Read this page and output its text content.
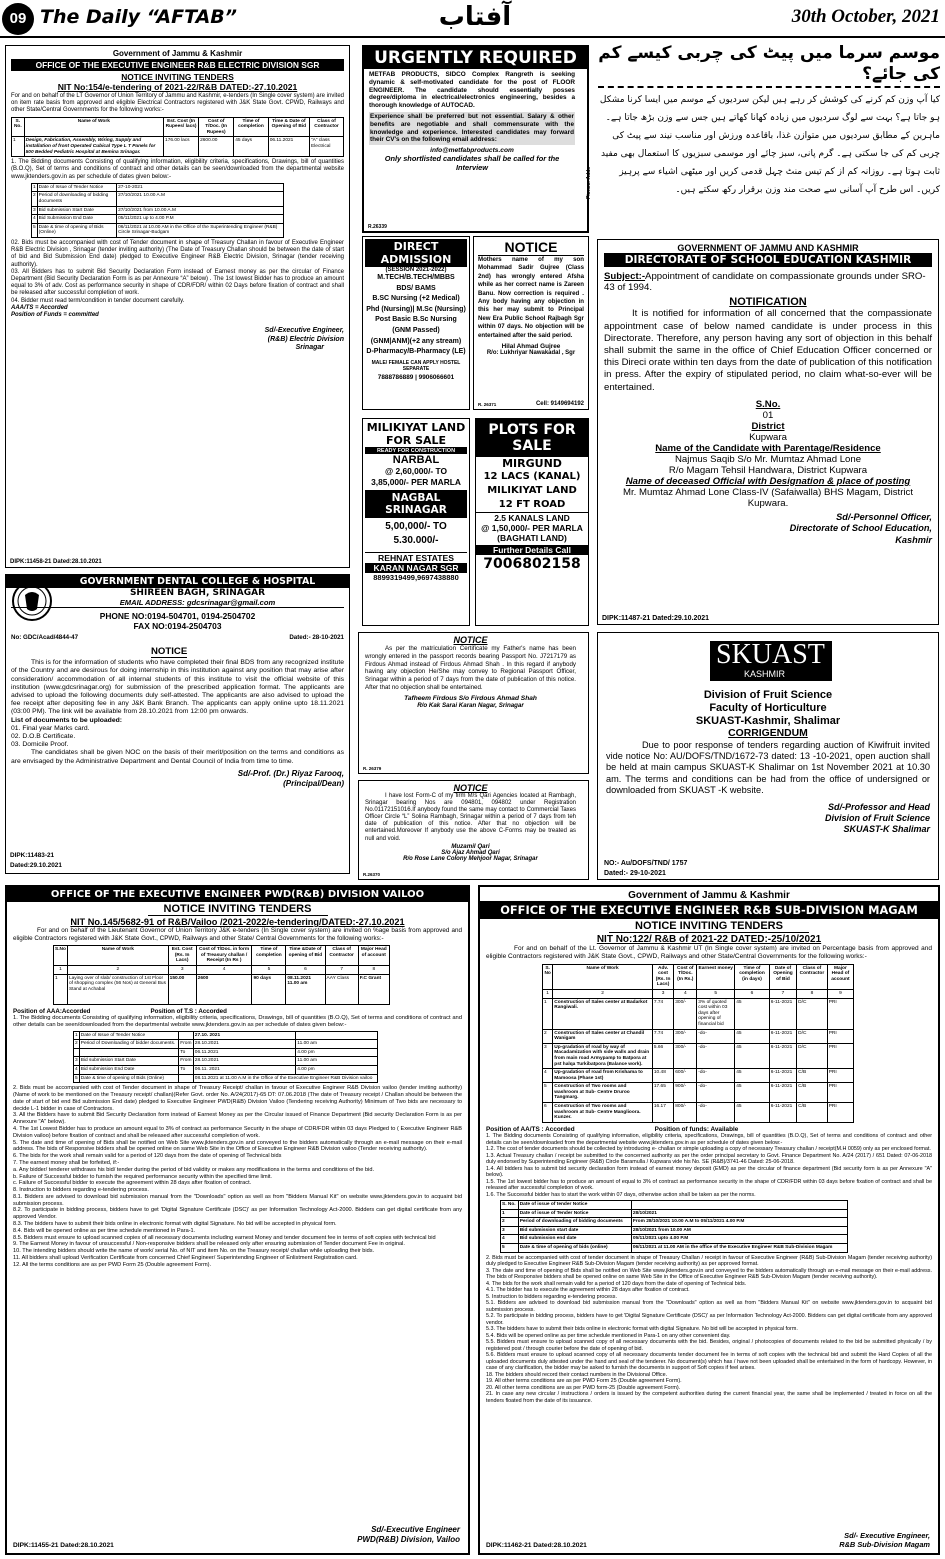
09 The Daily “AFTAB”	آفتاب	30th October, 2021
Government of Jammu & Kashmir
OFFICE OF THE EXECUTIVE ENGINEER R&B ELECTRIC DIVISION SGR
NOTICE INVITING TENDERS
NIT No:154/e-tendering of 2021-22/R&B DATED:-27.10.2021
For and on behalf of the LT Governor of Union Territory of Jammu and Kashmir, e-tenders (In Single cover system) are invited on item rate basis from approved and eligible Electrical Contractors registered with J&K State Govt. CPWD, Railways and other State/Central Governments for the following works:-
S. No.	Name of Work	Est. Cost (In Rupees/ lacs)	Cost of T/Doc. (In Rupees)	Time of completion	Time & Date of Opening of Bid	Class of Contractor
1	Design, Fabrication, Assembly, Wiring, Supply and installation of front Operated Cubical Type L T Panels for 500 Bedded Pediatric Hospital at Bemina Srinagar.	176.00 lacs	2600.00	45 days	06.11.2021	“A” class Electrical
1. The Bidding documents Consisting of qualifying information, eligibility criteria, specifications, Drawings, bill of quantities (B.O.Q), Set of terms and conditions of contract and other details can be seen/downloaded from the departmental website www.jktenders.gov.in as per schedule of dates given below:-
1	Date of Issue of Tender Notice	27-10-2021
2	Period of downloading of bidding documents	27/10/2021 10.00 A.M
3	Bid submission Start Date	27/10/2021 from 10.00 A.M
4	Bid Submission End Date	05/11/2021 up to 4.00 P.M
5	Date & time of opening of Bids (Online)	06/11/2021 at 10.00 AM in the Office of the Superintending Engineer (R&B) Circle Srinagar-Budgam
02. Bids must be accompanied with cost of Tender document in shape of Treasury Challan in favour of Executive Engineer R&B Electric Division , Srinagar (tender inviting authority) (The Date of Treasury Challan should be between the date of start of bid and Bid Submission End date) pledged to Executive Engineer R&B Electric Division, Srinagar (tender receiving authority).
03. All Bidders has to submit Bid Security Declaration Form instead of Earnest money as per the circular of Finance Department (Bid Security Declaration Form is as per Annexure “A” below) . The 1st lowest Bidder has to produce an amount equal to 3% of adv. Cost as performance security in shape of CDR/FDR/ within 02 Days before fixation of contract and shall be released after successful completion of work.
04. Bidder must read term/condition in tender document carefully.
AAA/TS = Accorded
Position of Funds = committed
Sd/-Executive Engineer,
(R&B) Electric Division
Srinagar
DIPK:11458-21 Dated:28.10.2021
URGENTLY REQUIRED
METFAB PRODUCTS, SIDCO Complex Rangreth is seeking dynamic & self-motivated candidate for the post of FLOOR ENGINEER. The candidate should essentially posses degree/diploma in electrical/electronics engineering, besides a thorough knowledge of AUTOCAD.
Experience shall be preferred but not essential. Salary & other benefits are negotiable and shall commensurate with the knowledge and experience. Interested candidates may forward their CV's on the following email address:
info@metfabproducts.com
Only shortlisted candidates shall be called for the Interview
R.26339
Pioneer Adds
موسم سرما میں پیٹ کی چربی کیسے کم کی جائے؟
کیا آپ وزن کم کرنے کی کوشش کر رہے ہیں لیکن سردیوں کے موسم میں ایسا کرنا مشکل ہو جاتا ہے؟ بہت سے لوگ سردیوں میں زیادہ کھانا کھاتے ہیں جس سے وزن بڑھ جاتا ہے۔ ماہرین کے مطابق سردیوں میں متوازن غذا، باقاعدہ ورزش اور مناسب نیند سے پیٹ کی چربی کم کی جا سکتی ہے۔ گرم پانی، سبز چائے اور موسمی سبزیوں کا استعمال بھی مفید ثابت ہوتا ہے۔ روزانہ کم از کم تیس منٹ چہل قدمی کریں اور میٹھی اشیاء سے پرہیز کریں۔ اس طرح آپ آسانی سے صحت مند وزن برقرار رکھ سکتے ہیں۔
DIRECT ADMISSION
(SESSION 2021-2022)
M.TECH/B.TECH/MBBS
BDS/ BAMS
B.SC Nursing (+2 Medical)
Phd (Nursing)| M.Sc (Nursing)
Post Basic B.Sc Nursing
(GNM Passed)
(GNM|ANM)(+2 any stream)
D-Pharmacy/B-Pharmacy (LE)
MALE/ FEMALE CAN APPLY HOSTEL SEPARATE
7888786889 | 9906066601
NOTICE
Mothers name of my son Mohammad Sadir Gujree (Class 2nd) has wrongly entered Afsha while as her correct name is Zareen Banu. Now correction is required . Any body having any objection in this her may submit to Principal New Era Public School Rajbagh Sgr within 07 days. No objection will be entertained after the said period.
Hilal Ahmad Gujree
R/o: Lukhriyar Nawakadal , Sgr
R. 26371	Cell: 9149694192
MILIKIYAT LAND FOR SALE
READY FOR CONSTRUCTION
NARBAL
@ 2,60,000/- TO 3,85,000/- PER MARLA
NAGBAL SRINAGAR
5,00,000/- TO 5.30.000/-
REHNAT ESTATES
KARAN NAGAR SGR
8899319499,9697438880
PLOTS FOR SALE
MIRGUND
12 LACS (KANAL)
MILIKIYAT LAND
12 FT ROAD
2.5 KANALS LAND
@ 1,50,000/- PER MARLA
(BAGHATI LAND)
Further Details Call
7006802158
GOVERNMENT OF JAMMU AND KASHMIR
DIRECTORATE OF SCHOOL EDUCATION KASHMIR
Subject:-Appointment of candidate on compassionate grounds under SRO-43 of 1994.
NOTIFICATION
It is notified for information of all concerned that the compassionate appointment case of below named candidate is under process in this Directorate. Therefore, any person having any sort of objection in this behalf shall submit the same in the office of Chief Education Officer concerned or this Direci orate within ten days from the date of publication of this notification in press. After the expiry of stipulated period, no claim what-so-ever will be entertained.
S.No.
01
District
Kupwara
Name of the Candidate with Parentage/Residence
Najmus Saqib S/o Mr. Mumtaz Ahmad Lone
R/o Magam Tehsil Handwara, District Kupwara
Name of deceased Official with Designation & place of posting
Mr. Mumtaz Ahmad Lone Class-IV (Safaiwalla) BHS Magam, District Kupwara.
Sd/-Personnel Officer,
Directorate of School Education,
Kashmir
DIPK:11487-21 Dated:29.10.2021
GOVERNMENT DENTAL COLLEGE & HOSPITAL
SHIREEN BAGH, SRINAGAR
EMAIL ADDRESS: gdcsrinagar@gmail.com
PHONE NO:0194-504701, 0194-2504702
FAX NO:0194-2504703
No: GDC/Acad/4844-47	Dated:- 28-10-2021
NOTICE
This is for the information of students who have completed their final BDS from any recognized institute of the Country and are desirous for doing internship in this institution against any position that may arise after consideration/ accommodation of all internal students of this institute to visit the official website of this institution (www.gdcsrinagar.org) for submission of the prescribed application format. The applicants are advised to upload the following documents duly self-attested. The applicants are also advised to upload the fee receipt after depositing fee in any J&K Bank Branch. The applicants can apply online upto 18.11.2021 (03:00 PM). The link will be available from 28.10.2021 from 12:00 pm onwards.
List of documents to be uploaded:
01. Final year Marks card.
02. D.O.B Certificate.
03. Domicile Proof.
The candidates shall be given NOC on the basis of their merit/position on the terms and conditions as are envisaged by the Administrative Department and Dental Council of India from time to time.
Sd/-Prof. (Dr.) Riyaz Farooq,
(Principal/Dean)
DIPK:11483-21
Dated:29.10.2021
NOTICE
As per the matriculation Certificate my Father's name has been wrongly entered in the passport records bearing Passport No. J7217179 as Firdous Ahmad instead of Firdous Ahmad Shah . In this regard if anybody having any objection He/She may convey to Regional Passport Officer, Srinagar within a period of 7 days from the date of publication of this notice. After that no objection shall be entertained.
Tafheem Firdous S/o Firdous Ahmad Shah
R/o Kak Sarai Karan Nagar, Srinagar
R. 26379
NOTICE
I have lost Form-C of my firm M/s Qari Agencies located at Rambagh, Srinagar bearing Nos are 094801, 094802 under Registration No.01172151016.If anybody found the same may contact to Commercial Taxes Officer Circle “L” Solina Rambagh, Srinagar within a period of 7 days from teh date of publication of this notice. After that no objection will be entertained.Moreover If anybody use the above C-Forms may be treated as null and void.
Muzamil Qari
S/o Ajaz Ahmad Qari
R/o Rose Lane Colony Mehjoor Nagar, Srinagar
R.26370
SKUAST
KASHMIR
Division of Fruit Science
Faculty of Horticulture
SKUAST-Kashmir, Shalimar
CORRIGENDUM
Due to poor response of tenders regarding auction of Kiwifruit invited vide notice No: AU/DOFS/TND/1672-73 dated: 13 -10-2021, open auction shall be held at main campus SKUAST-K Shalimar on 1st November 2021 at 10.30 am. The terms and conditions can be had from the office of undersigned or downloaded from SKUAST -K website.
Sd/-Professor and Head
Division of Fruit Science
SKUAST-K Shalimar
NO:- Au/DOFS/TND/ 1757
Dated:- 29-10-2021
OFFICE OF THE EXECUTIVE ENGINEER PWD(R&B) DIVISION VAILOO
NOTICE INVITING TENDERS
NIT No.145/5682-91 of R&B/Vailoo /2021-2022/e-tendering/DATED:-27.10.2021
For and on behalf of the Lieutenant Governor of Union Territory J&K e-tenders (In Single cover system) are invited on %age basis from approved and eligible Contractors registered with J&K State Govt., CPWD, Railways and other State/ Central Governments for the following works:-
S.No	Name of Work	Est. Cost (Rs. In Lacs)	Cost of T/Doc. in form of Treasury challan / Receipt (In Rs )	Time of completion	Time &Date of opening of Bid	Class of Contractor	Major Head of account
1	2	3	4	5	6	7	8
1	Laying over of slab/ construction of 1st Floor of shopping complex (56 Nos) at General Bus Stand at Achabal	150.00	2600	90 days	08.11.2021 11.00 am	AAY Class	F.C Grant
Position of AAA:Accorded	Position of T.S : Accorded
1. The Bidding documents Consisting of qualifying information, eligibility criteria, specifications, Drawings, bill of quantities (B.O.Q), Set of terms and conditions of contract and other details can be seen/downloaded from the departmental website www.jktenders.gov.in as per schedule of dates given below:-
1	Date of Issue of Tender Notice		27.10. 2021	
2	Period of Downloading of bidder documents.	From	28.10.2021	11.00 am
		To	06.11.2021	4.00 pm
3	Bid submission Start Date	From	28.10.2021	11.00 am
4	Bid submission End Date	To	06.11. 2021	4.00 pm
5	Date & time of opening of Bids (Online)		08.11.2021 at 11.00 A.M in the Office of the Executive Engineer R&B Division vailoo	
2. Bids must be accompanied with cost of Tender document in shape of Treasury Receipt/ challan in favour of Executive Engineer R&B Division vailoo (tender inviting authority) (Name of work to be mentioned on the Treasury receipt/ challan)(Refer Govt. order No. A/24(2017)-65 DT: 07.06.2018 (The date of Treasury receipt / Challan should be between the date of start of bid end Bid submission End date) pledged to Executive Engineer PWD(R&B) Division Vailoo (Tendering receiving Authority) Minimum of Two bids are necessary to decide L-1 bidder in case of Contractors.
3. All the Bidders have to submit Bid Security Declaration form instead of Earnest Money as per the Circular issued of Finance Department (Bid security Declaration Form is as per Annexure "A" below).
4. The 1st Lowest Bidder has to produce an amount equal to 3% of contract as performance Security in the shape of CDR/FDR within 03 days Pledged to ( Executive Engineer R&B Division vailoo) before fixation of contract and shall be released after successful completion of work.
5. The date and time of opening of Bids shall be notified on Web Site www.jktenders.gov.in and conveyed to the bidders automatically through an e-mail message on their e-mail address. The bids of Responsive bidders shall be opened online on same Web Site in the Office of Executive Engineer R&B Division vailoo (Tender receiving authority).
6. The bids for the work shall remain valid for a period of 120 days from the date of opening of Technical bids
7. The earnest money shall be forfeited, if:-
a. Any bidder/ tenderer withdraws his bid/ tender during the period of bid validity or makes any modifications in the terms and conditions of the bid.
b. Failure of Successful bidder to furnish the required performance security within the specified time limit.
c. Failure of Successful bidder to execute the agreement within 28 days after fixation of contract.
8. Instruction to bidders regarding e-tendering process.
8.1. Bidders are advised to download bid submission manual from the "Downloads" option as well as from "Bidders Manual Kit" on website www.jktenders.gov.in to acquaint bid submission process.
8.2. To participate in bidding process, bidders have to get 'Digital Signature Certificate (DSC)' as per Information Technology Act-2000. Bidders can get digital certificate from any approved Vendor.
8.3. The bidders have to submit their bids online in electronic format with digital Signature. No bid will be accepted in physical form.
8.4. Bids will be opened online as per time schedule mentioned in Para-1.
8.5. Bidders must ensure to upload scanned copies of all necessary documents including earnest Money and tender document fee in terms of soft copies with technical bid
9. The Earnest Money in favour of unsuccessful / Non-responsive bidders shall be released only after ensuring submission of Tender document Fee in original.
10. The intending bidders should write the name of work/ serial No. of NIT and item No. on the Treasury receipt/ challan while uploading their bids.
11. All bidders shall upload Verification Certificate from concerned Chief Engineer/ Superintending Engineer of Enlistment Registration card.
12. All the terms conditions are as per PWD Form 25 (Double agreement Form).
Sd/-Executive Engineer
PWD(R&B) Division, Vailoo
DIPK:11455-21 Dated:28.10.2021
Government of Jammu & Kashmir
OFFICE OF THE EXECUTIVE ENGINEER R&B SUB-DIVISION MAGAM
NOTICE INVITING TENDERS
NIT No:122/ R&B of 2021-22 DATED:-25/10/2021
For and on behalf of the Lt. Governor of Jammu & Kashmir UT (In Single cover system) are invited on Percentage basis from approved and eligible Contractors registered with J&K State Govt., CPWD, Railways and other State/Central Governments for the following works:-
S. No	Name of Work	Adv. cost (Rs. In Lacs)	Cost of T/Doc. (In Rs.)	Earnest money	Time of completion (in days)	Date of Opening of Bid	Class of Contractor	Major Head of account
1	2	3	4	5	6	7	8	9
1	Construction of Sales center at Badarkot Rangiwali.	7.74	300/-	3% of quoted cost within 03 days after opening of financial bid	45	6-11-2021	D/C	PRI
2	Construction of Sales center at Chandil Wanigam	7.74	300/-	-do-	45	6-11-2021	D/C	PRI
3	Up-gradation of road by way of Macadamization with side walls and drain from main road Armypamp to Batpora at pst halqa Turkibatpora (Balance work).	5.66	300/-	-do-	45	6-11-2021	D/C	PRI
4	Up-gradation of road from Krishama to Mamoosa (Phase 1st)	10.48	600/-	-do-	45	6-11-2021	C/B	PRI
5	Construction of Two rooms and washroom at Sub- Centre Druroo Tangmarg.	17.65	900/-	-do-	45	6-11-2021	C/B	PRI
6	Construction of Two rooms and washroom at Sub- Centre Manglioora. Kunzer.	16.17	800/-	-do-	45	6-11-2021	C/B	PRI
Position of AA/TS : Accorded	Position of funds: Available
1. The Bidding documents Consisting of qualifying information, eligibility criteria, specifications, Drawings, bill of quantities (B.O.Q), Set of terms and conditions of contract and other details can be seen/downloaded from the departmental website www.jktenders.gov.in as per schedule of dates given below:-
1.2. The cost of tender documents should be collected by introducing e- challan or simple uploading a copy of necessary Treasury challan / receipt(M.H 0059) only as per enclosed format.
1.3. Actual Treasury challan / receipt be submitted to the concerned authority as per the order principal secretary to Govt. Finance Department No. A/24 (2017) / 651 Dated: 07-06-2018 duly endorsed by Superintending Engineer (R&B) Circle Baramulla / Kupwara vide his No. SE (R&B)/3741-46 Dated: 25-06-2018.
1.4. All bidders has to submit bid security declaration form instead of earnest money deposit (EMD) as per the circular of finance department (Bid security form is as per Annexure "A" below).
1.5. The 1st lowest bidder has to produce an amount of equal to 3% of contract as performance security in the shape of CDR/FDR within 03 days before fixation of contract and shall be released after successful completion of work.
1.6. The Successful bidder has to start the work within 07 days, otherwise action shall be taken as per the norms.
S. No.	Date of issue of tender Notice	
1	Date of issue of Tender Notice	28/10/2021
2	Period of downloading of bidding documents	From 28/10/2021 10.00 A.M to 05/11/2021 4.00 P.M
3	Bid submission start date	28/10/2021 from 10.00 AM
4	Bid submission end date	05/11/2021 upto 4.00 P.M
5	Date & time of opening of bids (online)	06/11/2021 at 11.00 AM in the office of the Executive Engineer R&B Sub-Division Magam
2. Bids must be accompanied with cost of tender document in shape of Treasury Challan / receipt in favour of Executive Engineer (R&B) Sub-Division Magam (tender receiving authority) duly pledged to Executive Engineer R&B Sub-Division Magam (tender receiving authority) as per approved format.
3. The date and time of opening of Bids shall be notified on Web Site www.jktenders.gov.in and conveyed to the bidders automatically through an e-mail message on their e-mail address. The bids of Responsive bidders shall be opened online on same Web Site in the Office of Executive Engineer R&B Sub-Division Magam (tender receiving authority).
4. The bids for the work shall remain valid for a period of 120 days from the date of opening of Technical bids.
4.1. The bidder has to execute the agreement within 28 days after fixation of contract.
5. Instruction to bidders regarding e-tendering process.
5.1. Bidders are advised to download bid submission manual from the "Downloads" option as well as from "Bidders Manual Kit" on website www.jktenders.gov.in to acquaint bid submission process.
5.2. To participate in bidding process, bidders have to get 'Digital Signature Certificate (DSC)' as per Information Technology Act-2000. Bidders can get digital certificate from any approved vendor.
5.3. The bidders have to submit their bids online in electronic format with digital Signature. No bid will be accepted in physical form.
5.4. Bids will be opened online as per time schedule mentioned in Para-1 on any other convenient day.
5.5. Bidders must ensure to upload scanned copy of all necessary documents with the bid. Besides, original / photocopies of documents related to the bid be submitted physically / by registered post / through courier before the date of opening of bid.
5.6. Bidders must ensure to upload scanned copy of all necessary documents tender document fee in terms of soft copies with the technical bid and submit the Hard Copies of all the uploaded documents duly attested under the hand and seal of the tenderer. No document(s) which has / have not been uploaded shall be entertained in the form of hardcopy. However, in case of any clarification, the bidder may be asked to furnish the documents in support of Soft copies if feel arises.
18. The bidders should record their contact numbers in the Divisional Office.
19. All other terms conditions are as per PWD Form 25 (Double agreement Form).
20. All other terms conditions are as per PWD form-25 (Double agreement Form).
21. In case any new circular / instructions / orders is issued by the competent authorities during the current financial year, the same shall be implemented / treated in force on all the tenders floated from the date of its issuance.
Sd/- Executive Engineer,
R&B Sub-Division Magam
DIPK:11462-21 Dated:28.10.2021
